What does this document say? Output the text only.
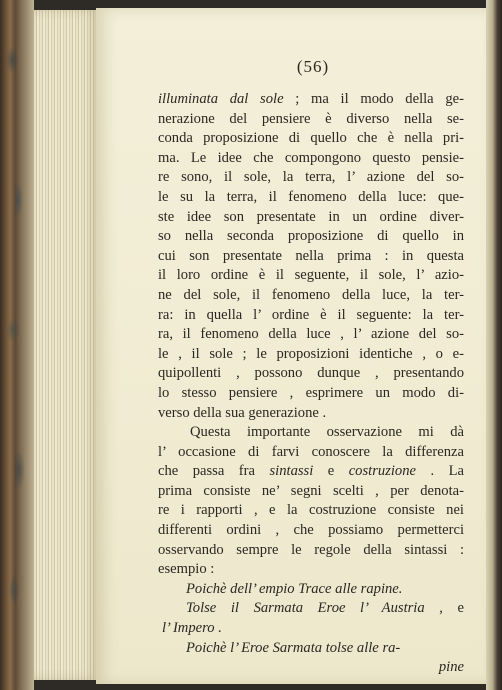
(56)
illuminata dal sole ; ma il modo della ge-
nerazione del pensiere è diverso nella se-
conda proposizione di quello che è nella pri-
ma. Le idee che compongono questo pensie-
re sono, il sole, la terra, l’ azione del so-
le su la terra, il fenomeno della luce: que-
ste idee son presentate in un ordine diver-
so nella seconda proposizione di quello in
cui son presentate nella prima : in questa
il loro ordine è il seguente, il sole, l’ azio-
ne del sole, il fenomeno della luce, la ter-
ra: in quella l’ ordine è il seguente: la ter-
ra, il fenomeno della luce , l’ azione del so-
le , il sole ; le proposizioni identiche , o e-
quipollenti , possono dunque , presentando
lo stesso pensiere , esprimere un modo di-
verso della sua generazione .
Questa importante osservazione mi dà
l’ occasione di farvi conoscere la differenza
che passa fra sintassi e costruzione . La
prima consiste ne’ segni scelti , per denota-
re i rapporti , e la costruzione consiste nei
differenti ordini , che possiamo permetterci
osservando sempre le regole della sintassi :
esempio :
Poichè dell’ empio Trace alle rapine.
Tolse il Sarmata Eroe l’ Austria , e
l’ Impero .
Poichè l’ Eroe Sarmata tolse alle ra-
pine
